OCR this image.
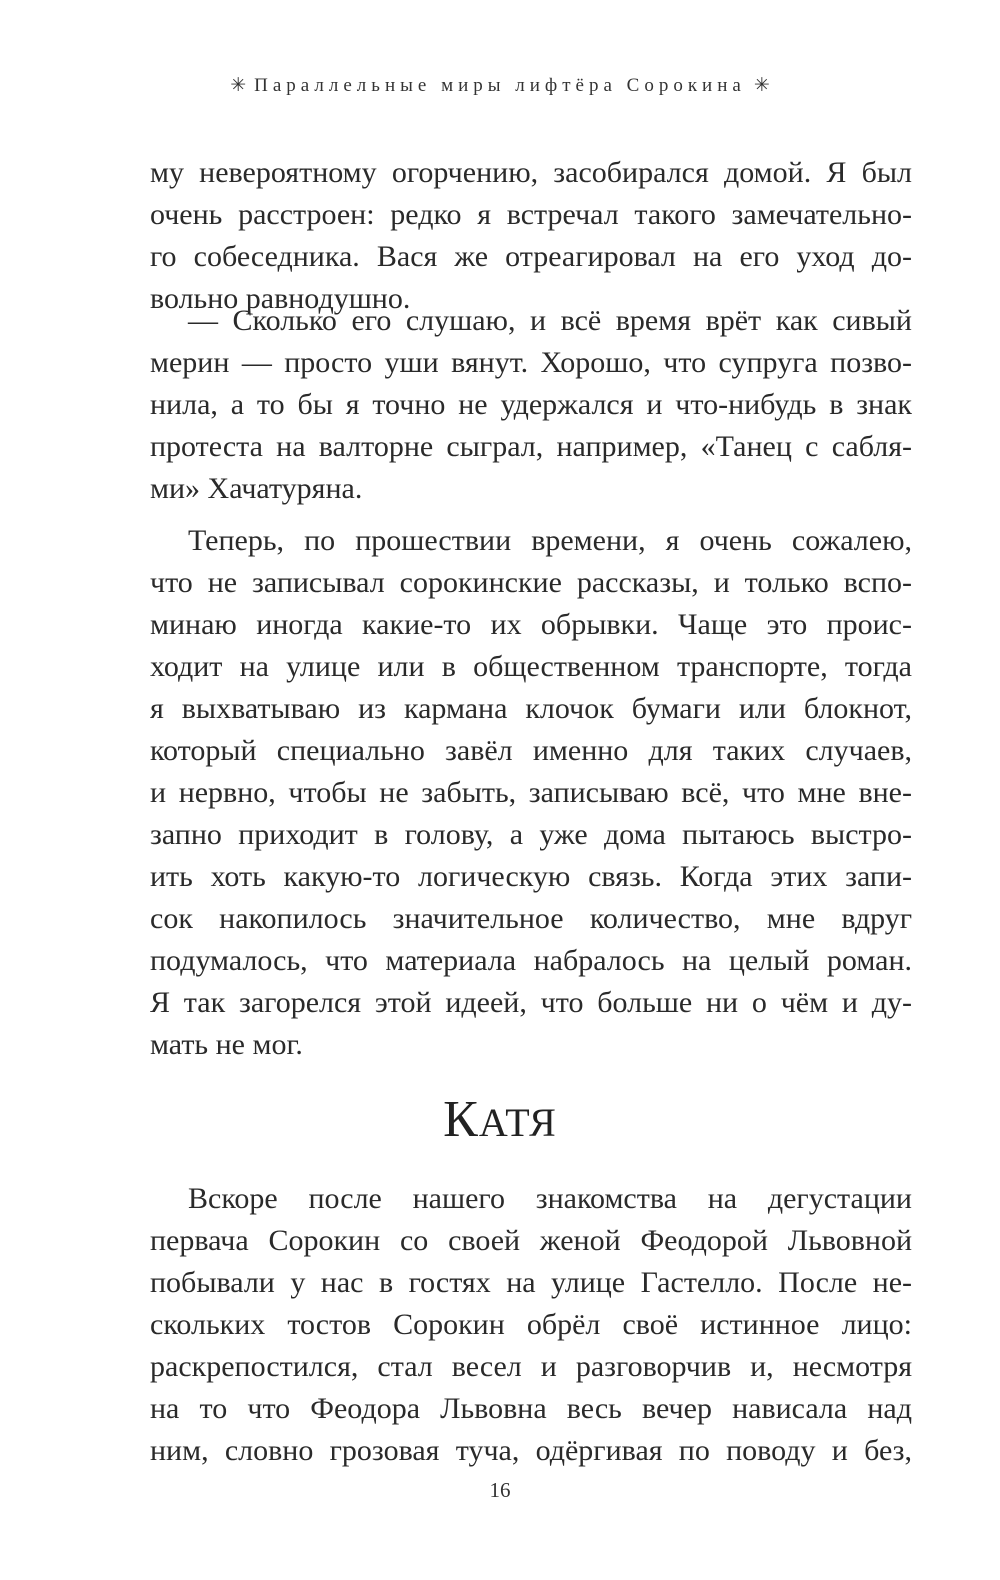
✳ Параллельные миры лифтёра Сорокина ✳
му невероятному огорчению, засобирался домой. Я был
очень расстроен: редко я встречал такого замечательно-
го собеседника. Вася же отреагировал на его уход до-
вольно равнодушно.
— Сколько его слушаю, и всё время врёт как сивый
мерин — просто уши вянут. Хорошо, что супруга позво-
нила, а то бы я точно не удержался и что-нибудь в знак
протеста на валторне сыграл, например, «Танец с сабля-
ми» Хачатуряна.
Теперь, по прошествии времени, я очень сожалею,
что не записывал сорокинские рассказы, и только вспо-
минаю иногда какие-то их обрывки. Чаще это проис-
ходит на улице или в общественном транспорте, тогда
я выхватываю из кармана клочок бумаги или блокнот,
который специально завёл именно для таких случаев,
и нервно, чтобы не забыть, записываю всё, что мне вне-
запно приходит в голову, а уже дома пытаюсь выстро-
ить хоть какую-то логическую связь. Когда этих запи-
сок накопилось значительное количество, мне вдруг
подумалось, что материала набралось на целый роман.
Я так загорелся этой идеей, что больше ни о чём и ду-
мать не мог.
КАТЯ
Вскоре после нашего знакомства на дегустации
первача Сорокин со своей женой Феодорой Львовной
побывали у нас в гостях на улице Гастелло. После не-
скольких тостов Сорокин обрёл своё истинное лицо:
раскрепостился, стал весел и разговорчив и, несмотря
на то что Феодора Львовна весь вечер нависала над
ним, словно грозовая туча, одёргивая по поводу и без,
16
